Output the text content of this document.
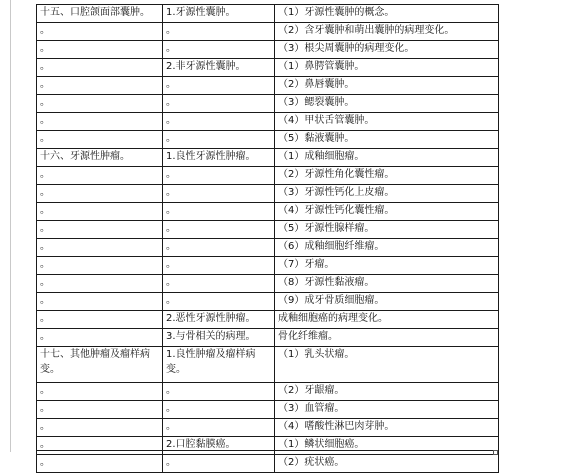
十五、口腔颌面部囊肿。	1.牙源性囊肿。	（1）牙源性囊肿的概念。
。	。	（2）含牙囊肿和萌出囊肿的病理变化。
。	。	（3）根尖周囊肿的病理变化。
。	2.非牙源性囊肿。	（1）鼻腭管囊肿。
。	。	（2）鼻唇囊肿。
。	。	（3）鳃裂囊肿。
。	。	（4）甲状舌管囊肿。
。	。	（5）黏液囊肿。
十六、牙源性肿瘤。	1.良性牙源性肿瘤。	（1）成釉细胞瘤。
。	。	（2）牙源性角化囊性瘤。
。	。	（3）牙源性钙化上皮瘤。
。	。	（4）牙源性钙化囊性瘤。
。	。	（5）牙源性腺样瘤。
。	。	（6）成釉细胞纤维瘤。
。	。	（7）牙瘤。
。	。	（8）牙源性黏液瘤。
。	。	（9）成牙骨质细胞瘤。
。	2.恶性牙源性肿瘤。	成釉细胞癌的病理变化。
。	3.与骨相关的病理。	骨化纤维瘤。
十七、其他肿瘤及瘤样病变。	1.良性肿瘤及瘤样病变。	（1）乳头状瘤。
。	。	（2）牙龈瘤。
。	。	（3）血管瘤。
。	。	（4）嗜酸性淋巴肉芽肿。
。	2.口腔黏膜癌。	（1）鳞状细胞癌。
。	。	（2）疣状癌。
